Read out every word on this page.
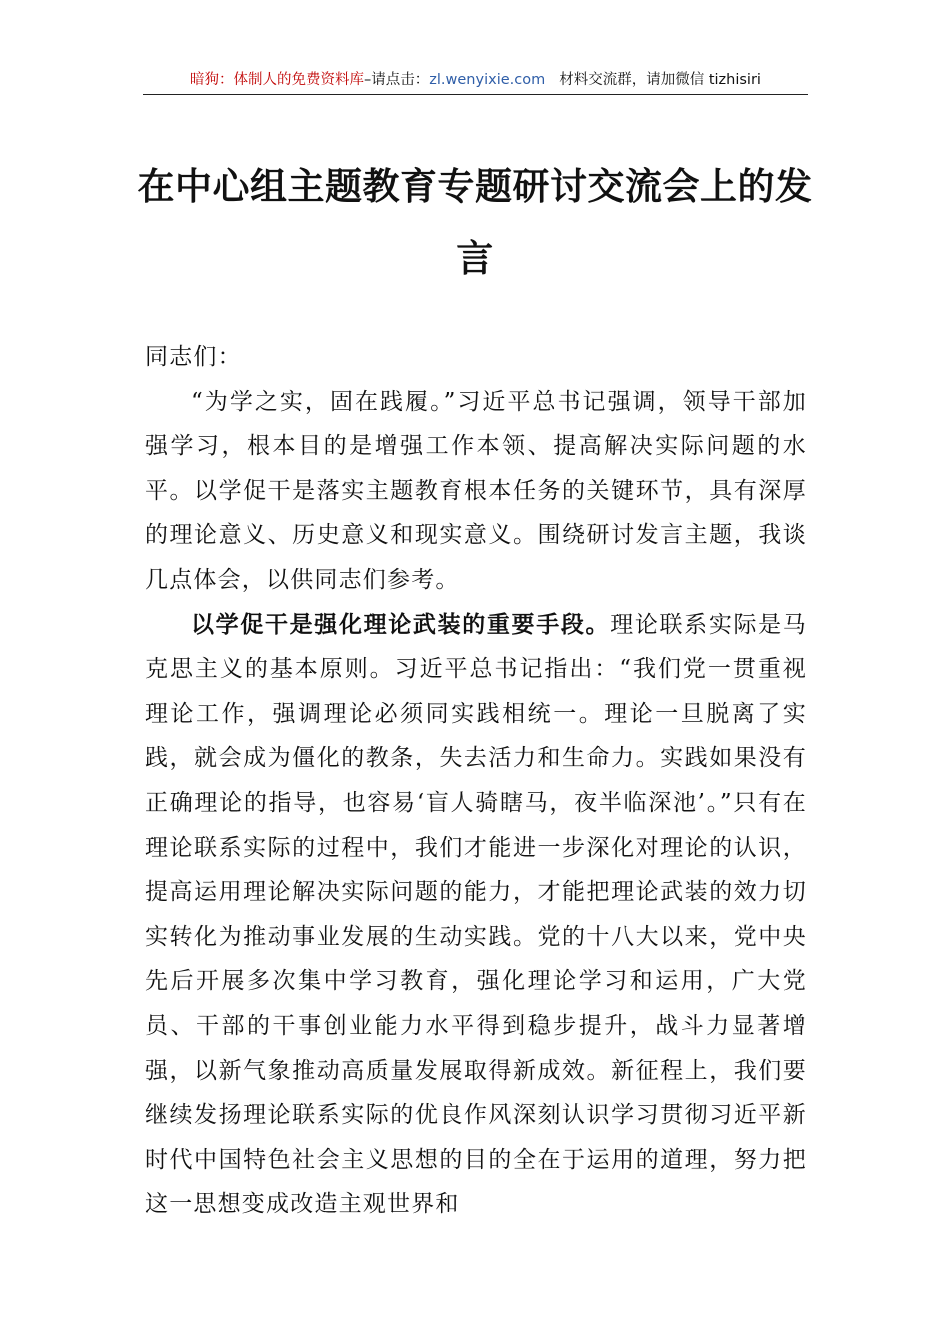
暗狗：体制人的免费资料库–请点击：zl.wenyixie.com 材料交流群，请加微信 tizhisiri
在中心组主题教育专题研讨交流会上的发言

同志们：

“为学之实，固在践履。”习近平总书记强调，领导干部加强学习，根本目的是增强工作本领、提高解决实际问题的水平。以学促干是落实主题教育根本任务的关键环节，具有深厚的理论意义、历史意义和现实意义。围绕研讨发言主题，我谈几点体会，以供同志们参考。

以学促干是强化理论武装的重要手段。理论联系实际是马克思主义的基本原则。习近平总书记指出：“我们党一贯重视理论工作，强调理论必须同实践相统一。理论一旦脱离了实践，就会成为僵化的教条，失去活力和生命力。实践如果没有正确理论的指导，也容易‘盲人骑瞎马，夜半临深池’。”只有在理论联系实际的过程中，我们才能进一步深化对理论的认识，提高运用理论解决实际问题的能力，才能把理论武装的效力切实转化为推动事业发展的生动实践。党的十八大以来，党中央先后开展多次集中学习教育，强化理论学习和运用，广大党员、干部的干事创业能力水平得到稳步提升，战斗力显著增强，以新气象推动高质量发展取得新成效。新征程上，我们要继续发扬理论联系实际的优良作风深刻认识学习贯彻习近平新时代中国特色社会主义思想的目的全在于运用的道理，努力把这一思想变成改造主观世界和
